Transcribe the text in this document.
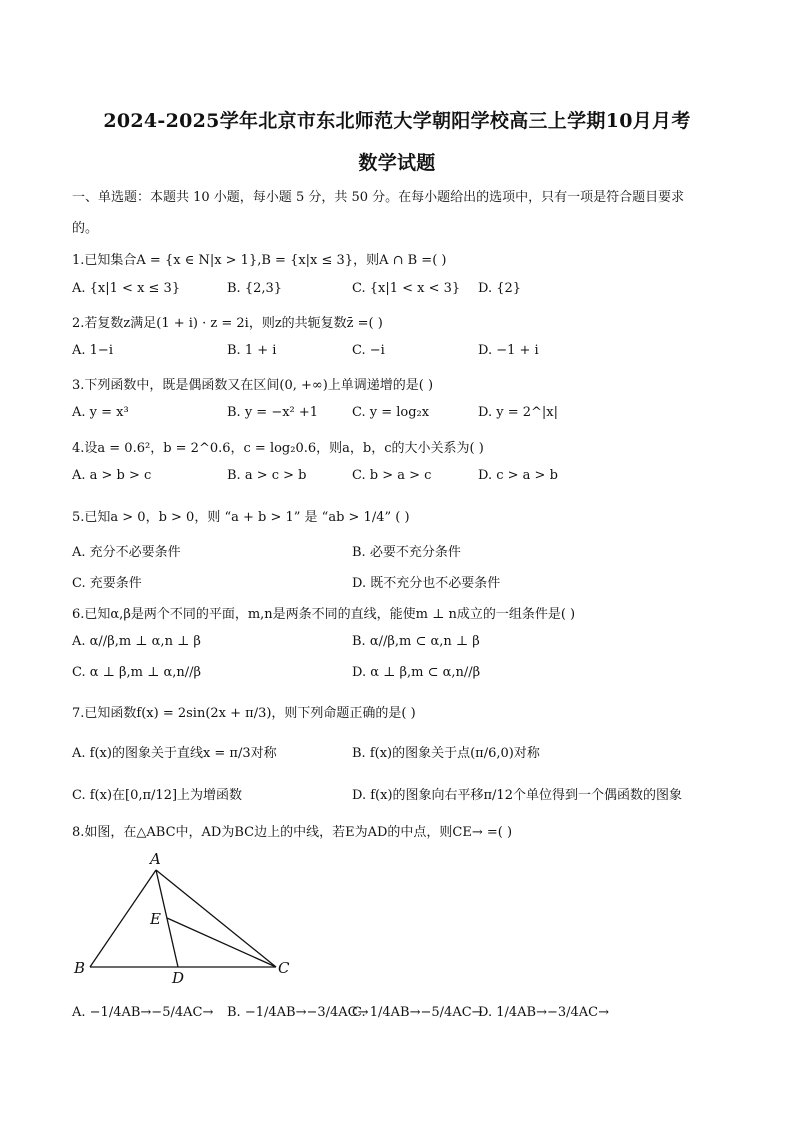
2024-2025学年北京市东北师范大学朝阳学校高三上学期10月月考
数学试题
一、单选题：本题共 10 小题，每小题 5 分，共 50 分。在每小题给出的选项中，只有一项是符合题目要求
的。
1.已知集合A = {x ∈ N|x > 1},B = {x|x ≤ 3}，则A ∩ B =( )
A. {x|1 < x ≤ 3}	B. {2,3}	C. {x|1 < x < 3} D. {2}
2.若复数z满足(1 + i) · z = 2i，则z的共轭复数z̄ =( )
A. 1−i	B. 1 + i	C. −i	D. −1 + i
3.下列函数中，既是偶函数又在区间(0, +∞)上单调递增的是( )
A. y = x³	B. y = −x² +1	C. y = log₂x	D. y = 2^|x|
4.设a = 0.6²，b = 2^0.6，c = log₂0.6，则a，b，c的大小关系为( )
A. a > b > c	B. a > c > b	C. b > a > c	D. c > a > b
5.已知a > 0，b > 0，则 “a + b > 1” 是 “ab > 1/4” ( )
A. 充分不必要条件	B. 必要不充分条件
C. 充要条件	D. 既不充分也不必要条件
6.已知α,β是两个不同的平面，m,n是两条不同的直线，能使m ⊥ n成立的一组条件是( )
A. α//β,m ⊥ α,n ⊥ β	B. α//β,m ⊂ α,n ⊥ β
C. α ⊥ β,m ⊥ α,n//β	D. α ⊥ β,m ⊂ α,n//β
7.已知函数f(x) = 2sin(2x + π/3)，则下列命题正确的是( )
A. f(x)的图象关于直线x = π/3对称	B. f(x)的图象关于点(π/6,0)对称
C. f(x)在[0,π/12]上为增函数	D. f(x)的图象向右平移π/12个单位得到一个偶函数的图象
8.如图，在△ABC中，AD为BC边上的中线，若E为AD的中点，则CE→ =( )
A
B	C
D
E
A. −1/4AB→−5/4AC→ B. −1/4AB→−3/4AC→
C. 1/4AB→−5/4AC→
D. 1/4AB→−3/4AC→
